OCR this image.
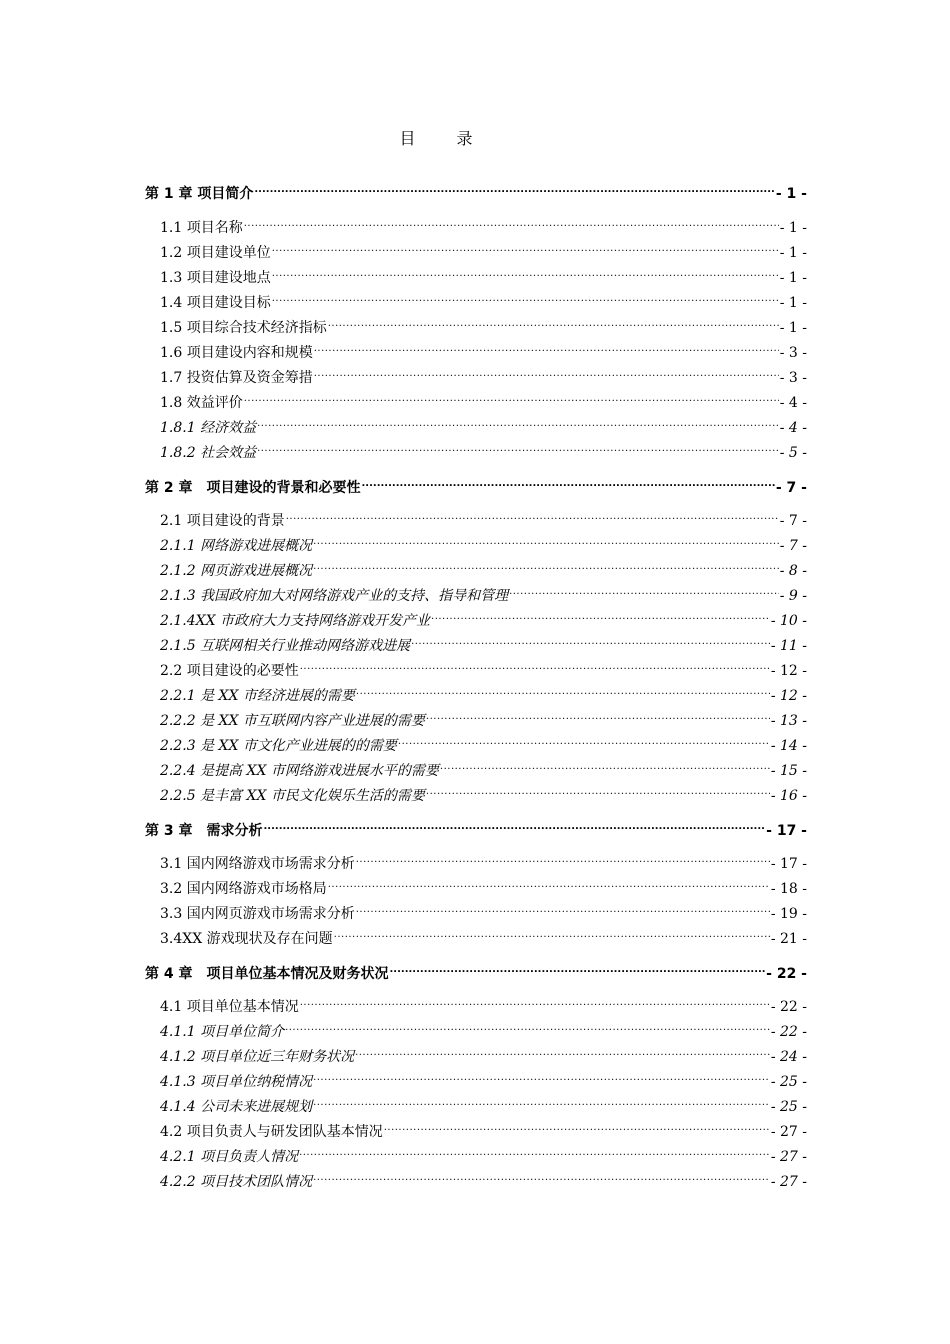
目 录
第 1 章 项目简介 .....	- 1 -
1.1 项目名称 .....	- 1 -
1.2 项目建设单位 .....	- 1 -
1.3 项目建设地点 .....	- 1 -
1.4 项目建设目标 .....	- 1 -
1.5 项目综合技术经济指标 .....	- 1 -
1.6 项目建设内容和规模 .....	- 3 -
1.7 投资估算及资金筹措 .....	- 3 -
1.8 效益评价 .....	- 4 -
1.8.1 经济效益 .....	- 4 -
1.8.2 社会效益 .....	- 5 -
第 2 章　项目建设的背景和必要性 .....	- 7 -
2.1 项目建设的背景 .....	- 7 -
2.1.1 网络游戏进展概况 .....	- 7 -
2.1.2 网页游戏进展概况 .....	- 8 -
2.1.3 我国政府加大对网络游戏产业的支持、指导和管理 .....	- 9 -
2.1.4XX 市政府大力支持网络游戏开发产业 .....	- 10 -
2.1.5 互联网相关行业推动网络游戏进展 .....	- 11 -
2.2 项目建设的必要性 .....	- 12 -
2.2.1 是 XX 市经济进展的需要 .....	- 12 -
2.2.2 是 XX 市互联网内容产业进展的需要 .....	- 13 -
2.2.3 是 XX 市文化产业进展的的需要 .....	- 14 -
2.2.4 是提高 XX 市网络游戏进展水平的需要 .....	- 15 -
2.2.5 是丰富 XX 市民文化娱乐生活的需要 .....	- 16 -
第 3 章　需求分析 .....	- 17 -
3.1 国内网络游戏市场需求分析 .....	- 17 -
3.2 国内网络游戏市场格局 .....	- 18 -
3.3 国内网页游戏市场需求分析 .....	- 19 -
3.4XX 游戏现状及存在问题 .....	- 21 -
第 4 章　项目单位基本情况及财务状况 .....	- 22 -
4.1 项目单位基本情况 .....	- 22 -
4.1.1 项目单位简介 .....	- 22 -
4.1.2 项目单位近三年财务状况 .....	- 24 -
4.1.3 项目单位纳税情况 .....	- 25 -
4.1.4 公司未来进展规划 .....	- 25 -
4.2 项目负责人与研发团队基本情况 .....	- 27 -
4.2.1 项目负责人情况 .....	- 27 -
4.2.2 项目技术团队情况 .....	- 27 -
